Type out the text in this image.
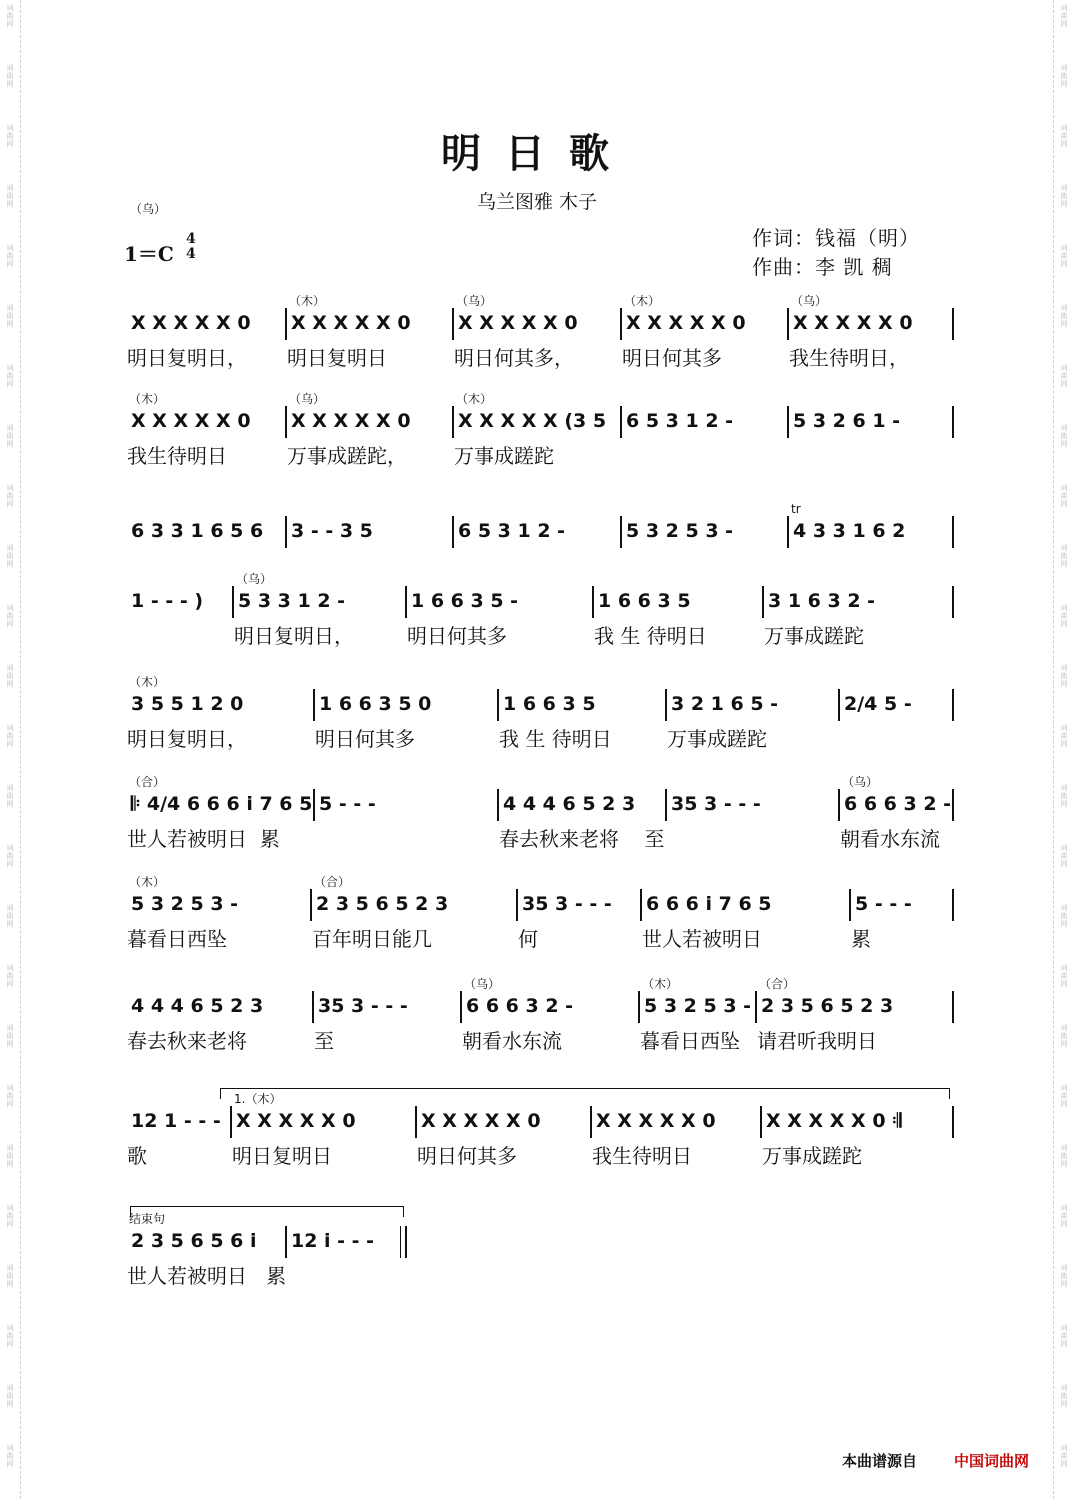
词
曲
网
词
曲
网
词
曲
网
词
曲
网
词
曲
网
词
曲
网
词
曲
网
词
曲
网
词
曲
网
词
曲
网
词
曲
网
词
曲
网
词
曲
网
词
曲
网
词
曲
网
词
曲
网
词
曲
网
词
曲
网
词
曲
网
词
曲
网
词
曲
网
词
曲
网
词
曲
网
词
曲
网
词
曲
网
词
曲
网
词
曲
网
词
曲
网
词
曲
网
词
曲
网
词
曲
网
词
曲
网
词
曲
网
词
曲
网
词
曲
网
词
曲
网
词
曲
网
词
曲
网
词
曲
网
词
曲
网
词
曲
网
词
曲
网
词
曲
网
词
曲
网
词
曲
网
词
曲
网
词
曲
网
词
曲
网
词
曲
网
词
曲
网
明日歌
乌兰图雅 木子
（乌）
1＝C
4
4
作词：钱福（明）
作曲：李 凯 稠
X X X X X 0
明日复明日，
X X X X X 0
（木）
明日复明日
X X X X X 0
（乌）
明日何其多，
X X X X X 0
（木）
明日何其多
X X X X X 0
（乌）
我生待明日，
X X X X X 0
（木）
我生待明日
X X X X X 0
（乌）
万事成蹉跎，
X X X X X (3 5
（木）
万事成蹉跎
6 5 3 1 2 -	5 3 2 6 1 -
6 3 3 1 6 5 6 3 - - 3 5	6 5 3 1 2 -	5 3 2 5 3 -	4 3 3 1 6 2
tr
1 - - - ) 5 3 3 1 2 -
（乌）
明日复明日，
1 6 6 3 5 -
明日何其多
1 6 6 3 5
我 生 待明日
3 1 6 3 2 -
万事成蹉跎
3 5 5 1 2 0
（木）
明日复明日，
1 6 6 3 5 0
明日何其多
1 6 6 3 5
我 生 待明日
3 2 1 6 5 -
万事成蹉跎
2/4 5 -
𝄆 4/4 6 6 6 i 7 6 5
（合）
世人若被明日  累
5 - - -	4 4 4 6 5 2 3
春去秋来老将    至
35 3 - - -	6 6 6 3 2 -
（乌）
朝看水东流
5 3 2 5 3 -
（木）
暮看日西坠
2 3 5 6 5 2 3
（合）
百年明日能几
35 3 - - -
何
6 6 6 i 7 6 5
世人若被明日
5 - - -
累
4 4 4 6 5 2 3
春去秋来老将
35 3 - - -
至
6 6 6 3 2 -
（乌）
朝看水东流
5 3 2 5 3 -
（木）
暮看日西坠
2 3 5 6 5 2 3
（合）
请君听我明日
12 1 - - -
歌
X X X X X 0
1.（木）
明日复明日
X X X X X 0
明日何其多
X X X X X 0
我生待明日
X X X X X 0 𝄇
万事成蹉跎
2 3 5 6 5 6 i
结束句
世人若被明日   累
12 i - - -
本曲谱源自 中国词曲网
